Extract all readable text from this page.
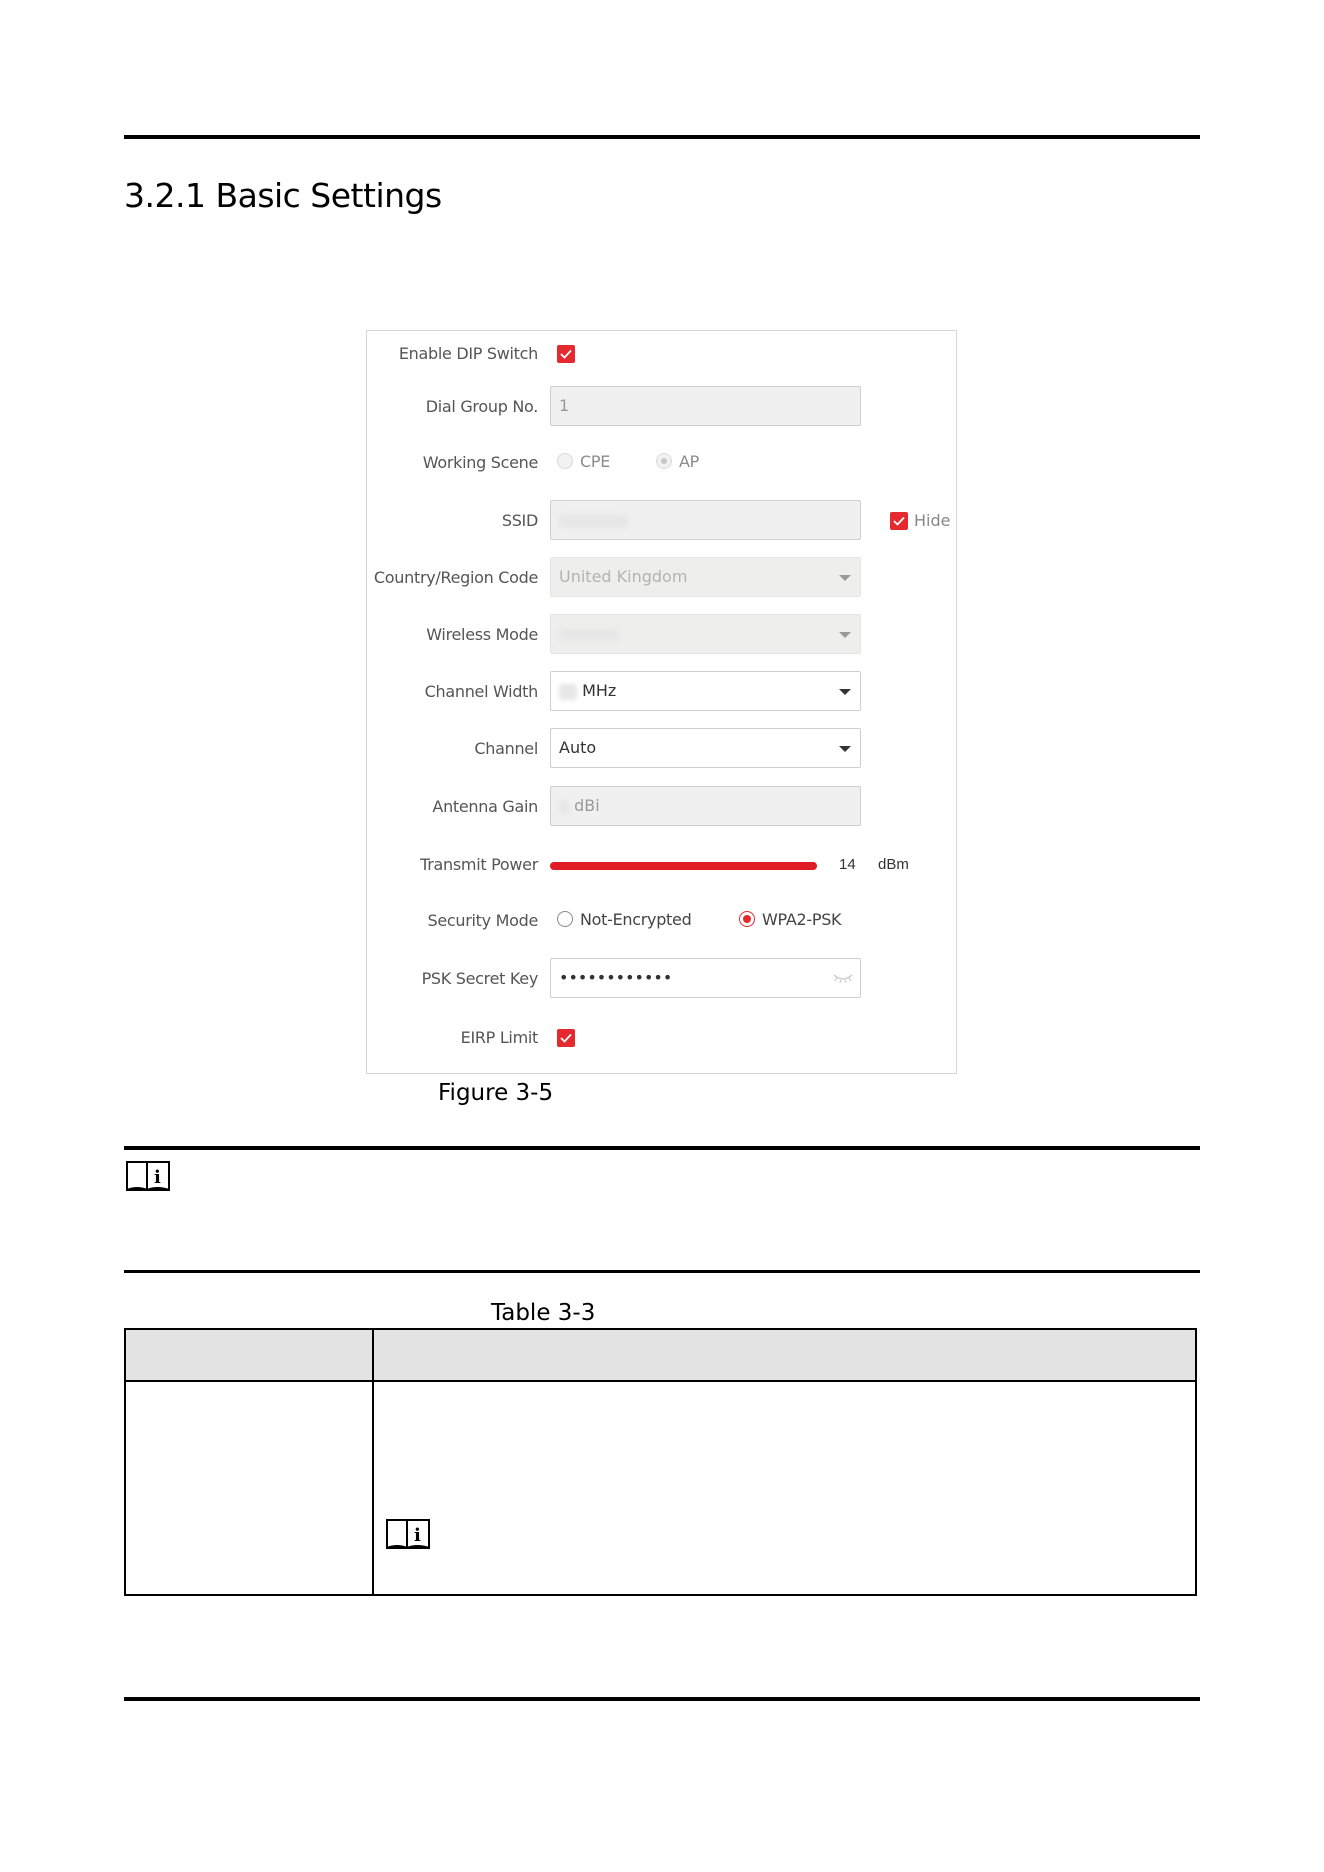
3.2.1 Basic Settings
Enable DIP Switch
Dial Group No.	1
Working Scene	CPE	AP
SSID	Hide
Country/Region Code	United Kingdom
Wireless Mode
Channel Width	MHz
Channel	Auto
Antenna Gain	dBi
Transmit Power	14 dBm
Security Mode	Not-Encrypted	WPA2-PSK
PSK Secret Key	••••••••••••
EIRP Limit
Figure 3-5
i
Table 3-3
i
